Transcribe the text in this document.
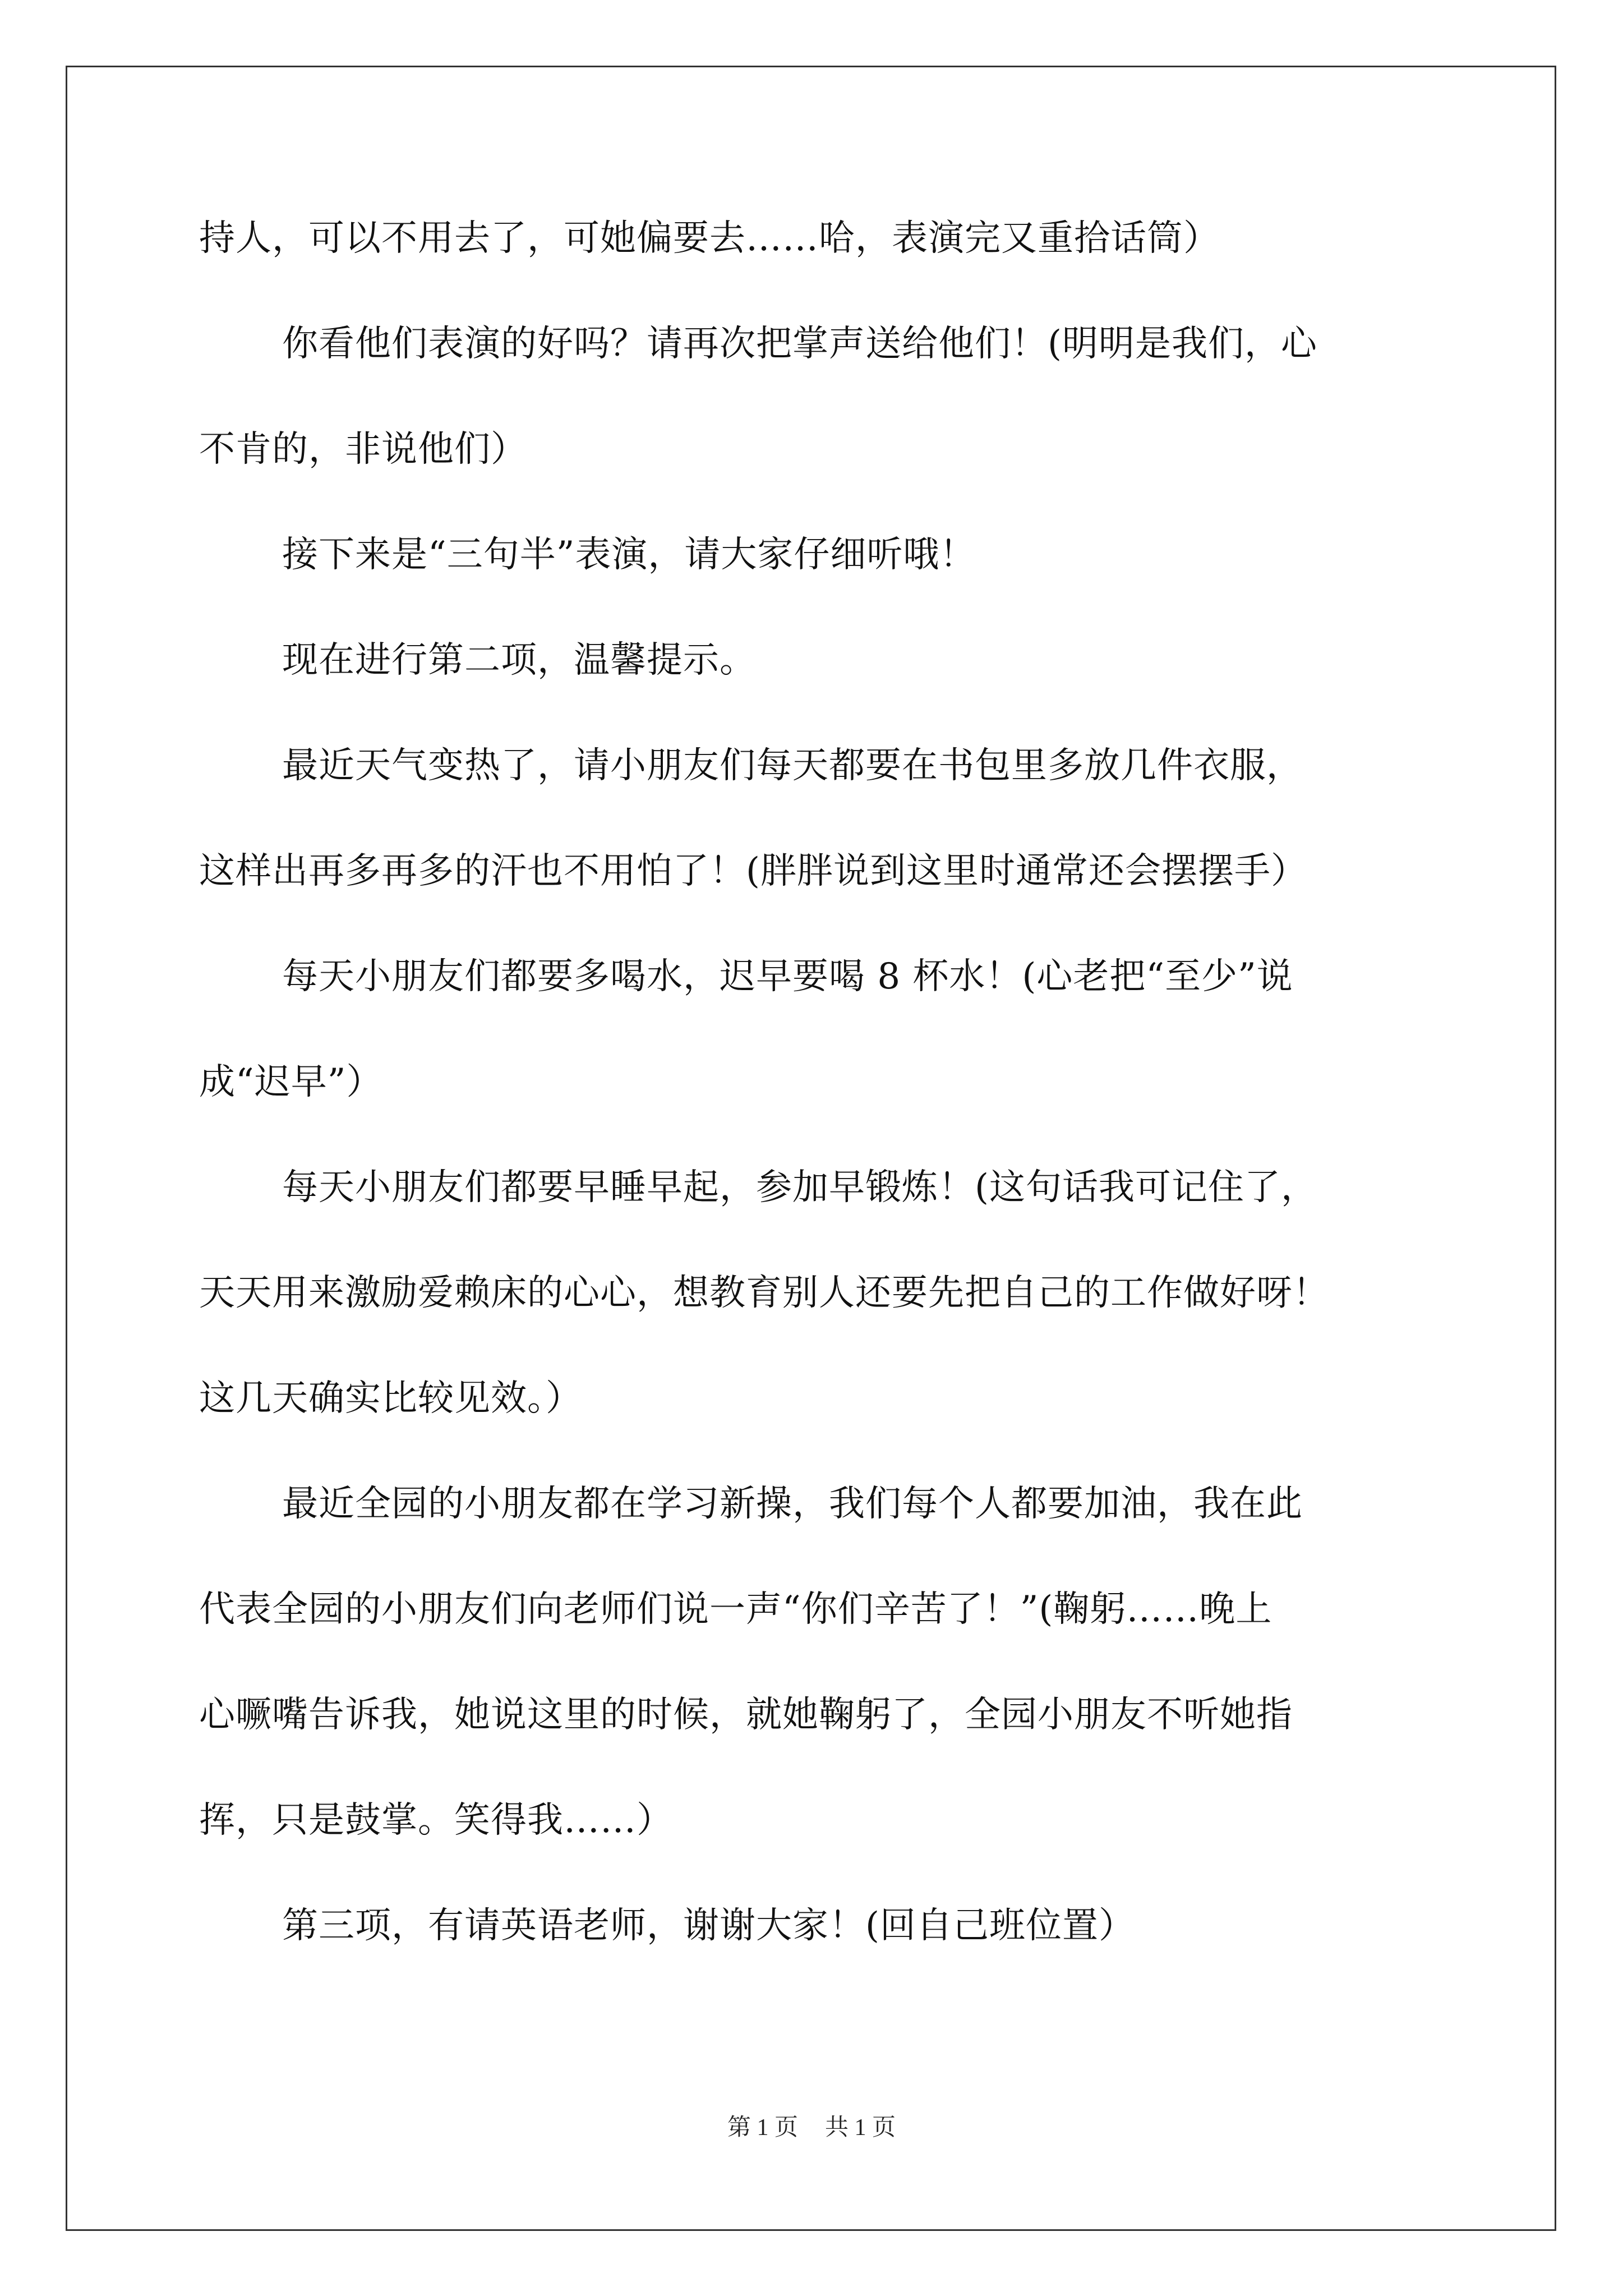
持人，可以不用去了，可她偏要去……哈，表演完又重拾话筒）
你看他们表演的好吗？请再次把掌声送给他们！(明明是我们，心
不肯的，非说他们）
接下来是“三句半”表演，请大家仔细听哦！
现在进行第二项，温馨提示。
最近天气变热了，请小朋友们每天都要在书包里多放几件衣服，
这样出再多再多的汗也不用怕了！(胖胖说到这里时通常还会摆摆手）
每天小朋友们都要多喝水，迟早要喝 8 杯水！(心老把“至少”说
成“迟早”）
每天小朋友们都要早睡早起，参加早锻炼！(这句话我可记住了，
天天用来激励爱赖床的心心，想教育别人还要先把自己的工作做好呀！
这几天确实比较见效。）
最近全园的小朋友都在学习新操，我们每个人都要加油，我在此
代表全园的小朋友们向老师们说一声“你们辛苦了！”(鞠躬……晚上
心噘嘴告诉我，她说这里的时候，就她鞠躬了，全园小朋友不听她指
挥，只是鼓掌。笑得我……）
第三项，有请英语老师，谢谢大家！(回自己班位置）
第 1 页 共 1 页
